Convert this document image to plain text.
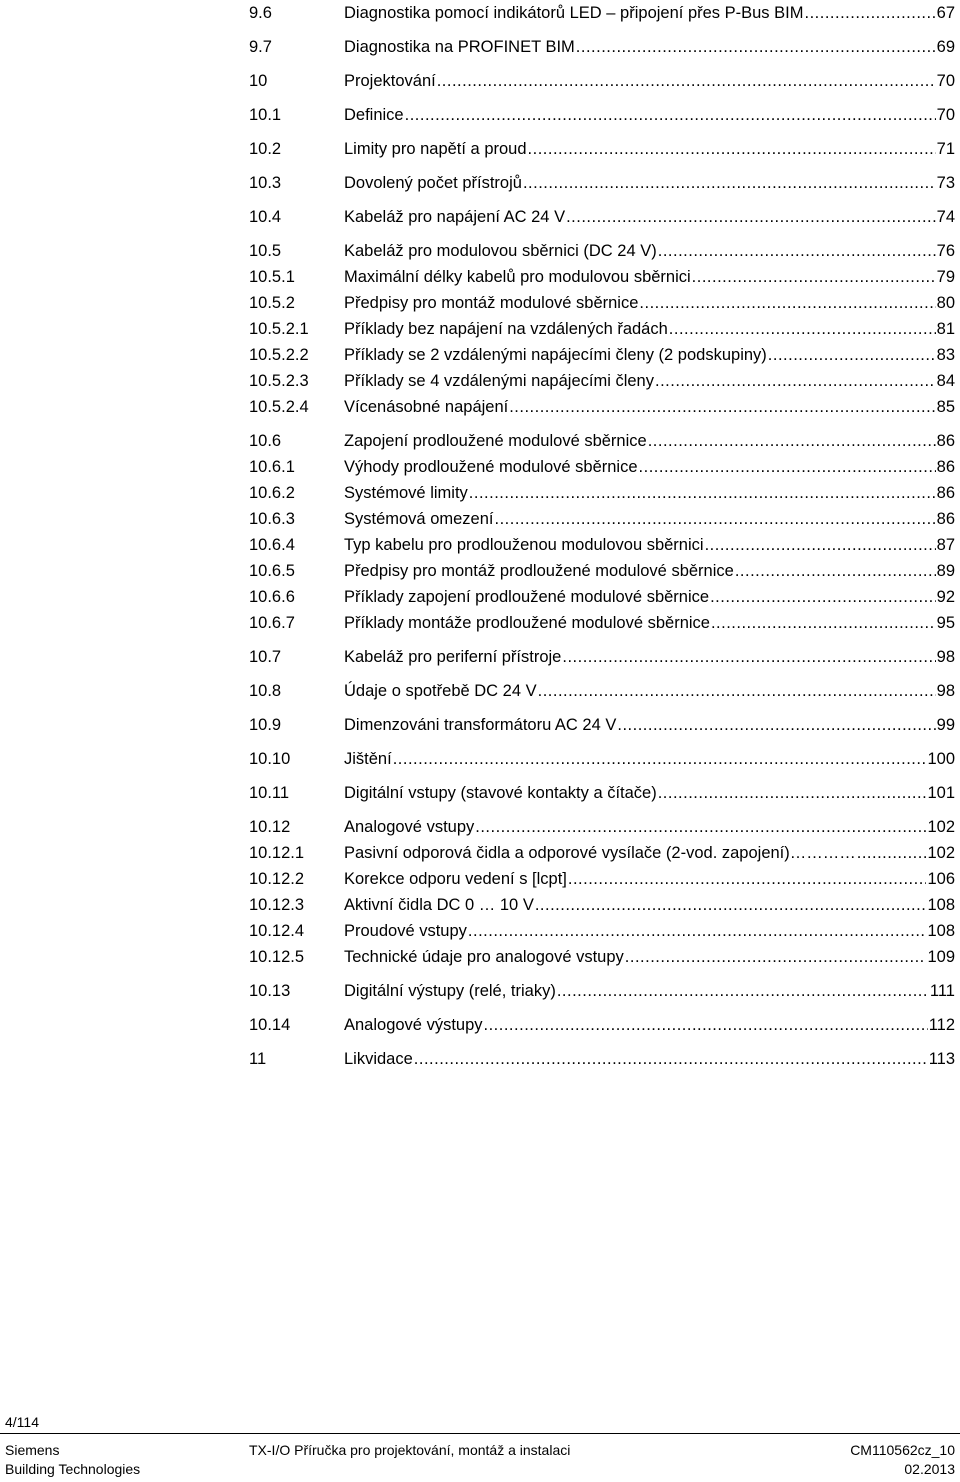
9.6	Diagnostika pomocí indikátorů LED – připojení přes P-Bus BIM .....	67
9.7	Diagnostika na PROFINET BIM .....	69
10	Projektování .....	70
10.1	Definice .....	70
10.2	Limity pro napětí a proud .....	71
10.3	Dovolený počet přístrojů .....	73
10.4	Kabeláž pro napájení AC 24 V .....	74
10.5	Kabeláž pro modulovou sběrnici (DC 24 V) .....	76
10.5.1	Maximální délky kabelů pro modulovou sběrnici .....	79
10.5.2	Předpisy pro montáž modulové sběrnice .....	80
10.5.2.1 Příklady bez napájení na vzdálených řadách .....	81
10.5.2.2 Příklady se 2 vzdálenými napájecími členy (2 podskupiny) .....	83
10.5.2.3 Příklady se 4 vzdálenými napájecími členy .....	84
10.5.2.4 Vícenásobné napájení .....	85
10.6	Zapojení prodloužené modulové sběrnice .....	86
10.6.1	Výhody prodloužené modulové sběrnice .....	86
10.6.2	Systémové limity .....	86
10.6.3	Systémová omezení .....	86
10.6.4	Typ kabelu pro prodlouženou modulovou sběrnici .....	87
10.6.5	Předpisy pro montáž prodloužené modulové sběrnice .....	89
10.6.6	Příklady zapojení prodloužené modulové sběrnice .....	92
10.6.7	Příklady montáže prodloužené modulové sběrnice .....	95
10.7	Kabeláž pro periferní přístroje .....	98
10.8	Údaje o spotřebě DC 24 V .....	98
10.9	Dimenzováni transformátoru AC 24 V .....	99
10.10	Jištění .....	100
10.11	Digitální vstupy (stavové kontakty a čítače) .....	101
10.12	Analogové vstupy .....	102
10.12.1 Pasivní odporová čidla a odporové vysílače (2-vod. zapojení)………… .....	102
10.12.2 Korekce odporu vedení s [lcpt] .....	106
10.12.3 Aktivní čidla DC 0 … 10 V .....	108
10.12.4 Proudové vstupy .....	108
10.12.5 Technické údaje pro analogové vstupy .....	109
10.13	Digitální výstupy (relé, triaky) .....	111
10.14	Analogové výstupy .....	112
11	Likvidace .....	113
4/114
Siemens
Building Technologies
TX-I/O Příručka pro projektování, montáž a instalaci	CM110562cz_10
02.2013
